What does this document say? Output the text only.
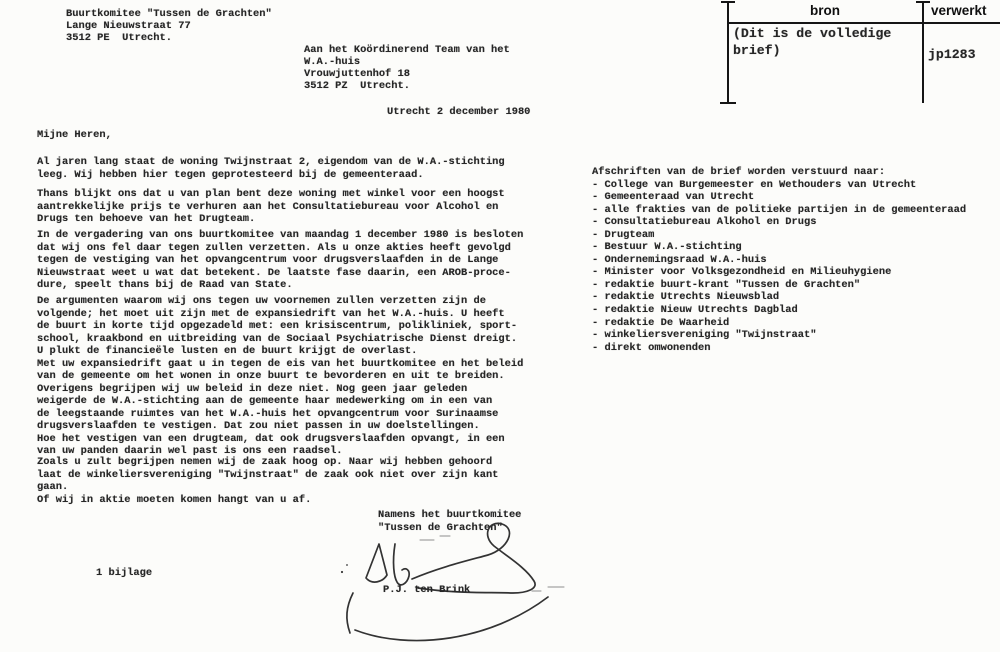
bron	verwerkt
(Dit is de volledige brief)	jp1283
Buurtkomitee "Tussen de Grachten"
Lange Nieuwstraat 77
3512 PE  Utrecht.
Aan het Koördinerend Team van het
W.A.-huis
Vrouwjuttenhof 18
3512 PZ  Utrecht.
Utrecht 2 december 1980
Mijne Heren,
Al jaren lang staat de woning Twijnstraat 2, eigendom van de W.A.-stichting
leeg. Wij hebben hier tegen geprotesteerd bij de gemeenteraad.
Thans blijkt ons dat u van plan bent deze woning met winkel voor een hoogst
aantrekkelijke prijs te verhuren aan het Consultatiebureau voor Alcohol en
Drugs ten behoeve van het Drugteam.
In de vergadering van ons buurtkomitee van maandag 1 december 1980 is besloten
dat wij ons fel daar tegen zullen verzetten. Als u onze akties heeft gevolgd
tegen de vestiging van het opvangcentrum voor drugsverslaafden in de Lange
Nieuwstraat weet u wat dat betekent. De laatste fase daarin, een AROB-proce-
dure, speelt thans bij de Raad van State.
De argumenten waarom wij ons tegen uw voornemen zullen verzetten zijn de
volgende; het moet uit zijn met de expansiedrift van het W.A.-huis. U heeft
de buurt in korte tijd opgezadeld met: een krisiscentrum, polikliniek, sport-
school, kraakbond en uitbreiding van de Sociaal Psychiatrische Dienst dreigt.
U plukt de financieële lusten en de buurt krijgt de overlast.
Met uw expansiedrift gaat u in tegen de eis van het buurtkomitee en het beleid
van de gemeente om het wonen in onze buurt te bevorderen en uit te breiden.
Overigens begrijpen wij uw beleid in deze niet. Nog geen jaar geleden
weigerde de W.A.-stichting aan de gemeente haar medewerking om in een van
de leegstaande ruimtes van het W.A.-huis het opvangcentrum voor Surinaamse
drugsverslaafden te vestigen. Dat zou niet passen in uw doelstellingen.
Hoe het vestigen van een drugteam, dat ook drugsverslaafden opvangt, in een
van uw panden daarin wel past is ons een raadsel.
Zoals u zult begrijpen nemen wij de zaak hoog op. Naar wij hebben gehoord
laat de winkeliersvereniging "Twijnstraat" de zaak ook niet over zijn kant
gaan.
Of wij in aktie moeten komen hangt van u af.
Namens het buurtkomitee
"Tussen de Grachten"
P.J. ten Brink
1 bijlage
Afschriften van de brief worden verstuurd naar:
- College van Burgemeester en Wethouders van Utrecht
- Gemeenteraad van Utrecht
- alle frakties van de politieke partijen in de gemeenteraad
- Consultatiebureau Alkohol en Drugs
- Drugteam
- Bestuur W.A.-stichting
- Ondernemingsraad W.A.-huis
- Minister voor Volksgezondheid en Milieuhygiene
- redaktie buurt-krant "Tussen de Grachten"
- redaktie Utrechts Nieuwsblad
- redaktie Nieuw Utrechts Dagblad
- redaktie De Waarheid
- winkeliersvereniging "Twijnstraat"
- direkt omwonenden
